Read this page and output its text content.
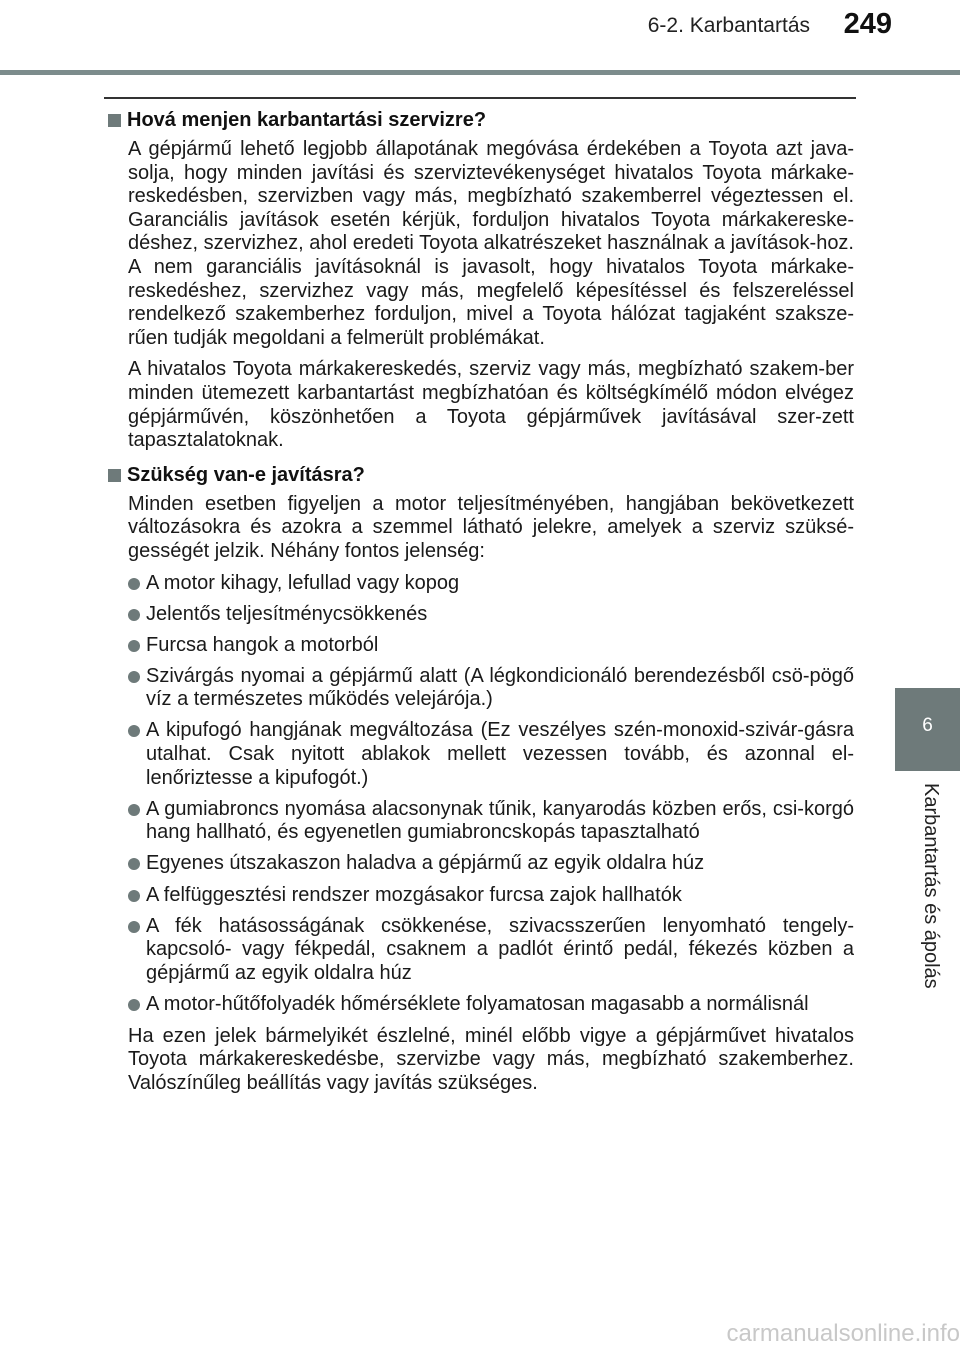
6-2. Karbantartás	249
6
Karbantartás és ápolás
Hová menjen karbantartási szervizre?

A gépjármű lehető legjobb állapotának megóvása érdekében a Toyota azt java-solja, hogy minden javítási és szerviztevékenységet hivatalos Toyota márkake-reskedésben, szervizben vagy más, megbízható szakemberrel végeztessen el. Garanciális javítások esetén kérjük, forduljon hivatalos Toyota márkakereske-déshez, szervizhez, ahol eredeti Toyota alkatrészeket használnak a javítások-hoz. A nem garanciális javításoknál is javasolt, hogy hivatalos Toyota márkake-reskedéshez, szervizhez vagy más, megfelelő képesítéssel és felszereléssel rendelkező szakemberhez forduljon, mivel a Toyota hálózat tagjaként szaksze-rűen tudják megoldani a felmerült problémákat.

A hivatalos Toyota márkakereskedés, szerviz vagy más, megbízható szakem-ber minden ütemezett karbantartást megbízhatóan és költségkímélő módon elvégez gépjárművén, köszönhetően a Toyota gépjárművek javításával szer-zett tapasztalatoknak.

Szükség van-e javításra?

Minden esetben figyeljen a motor teljesítményében, hangjában bekövetkezett változásokra és azokra a szemmel látható jelekre, amelyek a szerviz szüksé-gességét jelzik. Néhány fontos jelenség:

A motor kihagy, lefullad vagy kopog
Jelentős teljesítménycsökkenés
Furcsa hangok a motorból
Szivárgás nyomai a gépjármű alatt (A légkondicionáló berendezésből csö-pögő víz a természetes működés velejárója.)
A kipufogó hangjának megváltozása (Ez veszélyes szén-monoxid-szivár-gásra utalhat. Csak nyitott ablakok mellett vezessen tovább, és azonnal el-lenőriztesse a kipufogót.)
A gumiabroncs nyomása alacsonynak tűnik, kanyarodás közben erős, csi-korgó hang hallható, és egyenetlen gumiabroncskopás tapasztalható
Egyenes útszakaszon haladva a gépjármű az egyik oldalra húz
A felfüggesztési rendszer mozgásakor furcsa zajok hallhatók
A fék hatásosságának csökkenése, szivacsszerűen lenyomható tengely-kapcsoló- vagy fékpedál, csaknem a padlót érintő pedál, fékezés közben a gépjármű az egyik oldalra húz
A motor-hűtőfolyadék hőmérséklete folyamatosan magasabb a normálisnál

Ha ezen jelek bármelyikét észlelné, minél előbb vigye a gépjárművet hivatalos Toyota márkakereskedésbe, szervizbe vagy más, megbízható szakemberhez. Valószínűleg beállítás vagy javítás szükséges.

carmanualsonline.info
